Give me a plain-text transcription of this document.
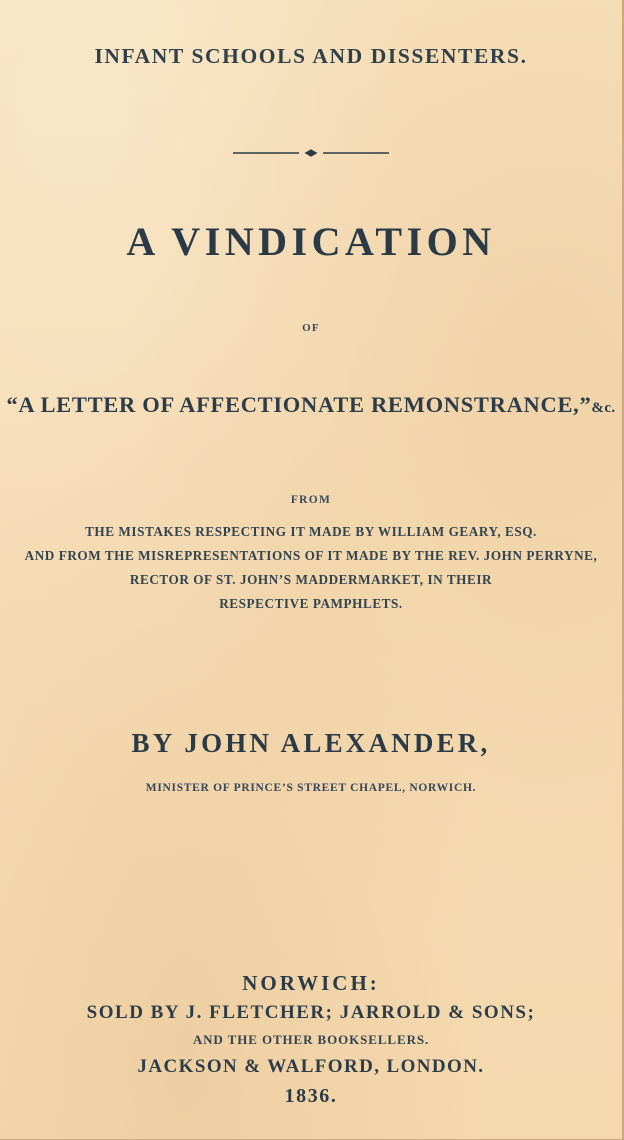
INFANT SCHOOLS AND DISSENTERS.
A VINDICATION
OF
“A LETTER OF AFFECTIONATE REMONSTRANCE,”&c.
FROM
THE MISTAKES RESPECTING IT MADE BY WILLIAM GEARY, ESQ.
AND FROM THE MISREPRESENTATIONS OF IT MADE BY THE REV. JOHN PERRYNE,
RECTOR OF ST. JOHN’S MADDERMARKET, IN THEIR
RESPECTIVE PAMPHLETS.
BY JOHN ALEXANDER,
MINISTER OF PRINCE’S STREET CHAPEL, NORWICH.
NORWICH:
SOLD BY J. FLETCHER; JARROLD & SONS;
AND THE OTHER BOOKSELLERS.
JACKSON & WALFORD, LONDON.
1836.
